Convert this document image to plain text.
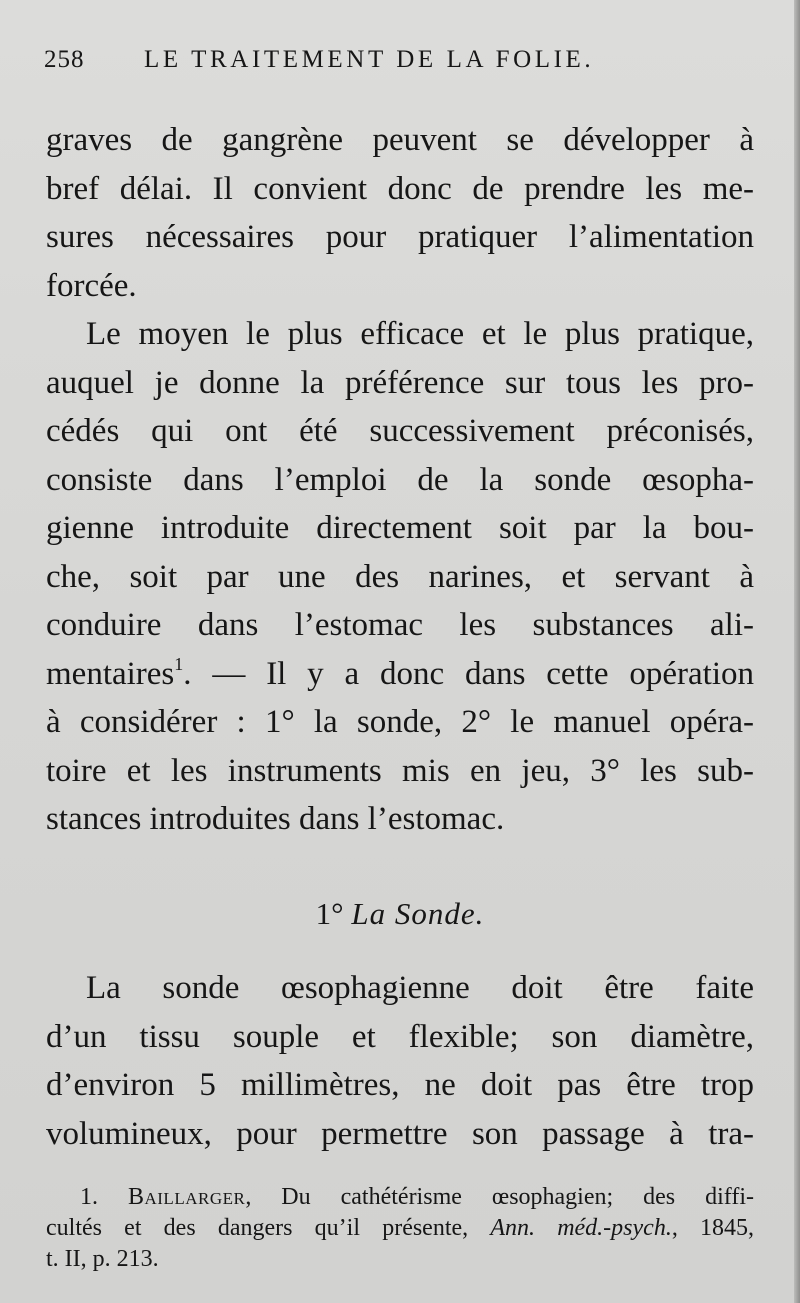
258 LE TRAITEMENT DE LA FOLIE.
graves de gangrène peuvent se développer à
bref délai. Il convient donc de prendre les me-
sures nécessaires pour pratiquer l’alimentation
forcée.
Le moyen le plus efficace et le plus pratique,
auquel je donne la préférence sur tous les pro-
cédés qui ont été successivement préconisés,
consiste dans l’emploi de la sonde œsopha-
gienne introduite directement soit par la bou-
che, soit par une des narines, et servant à
conduire dans l’estomac les substances ali-
mentaires$^1$. — Il y a donc dans cette opération
à considérer : 1° la sonde, 2° le manuel opéra-
toire et les instruments mis en jeu, 3° les sub-
stances introduites dans l’estomac.
1° La Sonde.
La sonde œsophagienne doit être faite
d’un tissu souple et flexible; son diamètre,
d’environ 5 millimètres, ne doit pas être trop
volumineux, pour permettre son passage à tra-
1. Baillarger, Du cathétérisme œsophagien; des diffi-
cultés et des dangers qu’il présente, Ann. méd.-psych., 1845,
t. II, p. 213.
